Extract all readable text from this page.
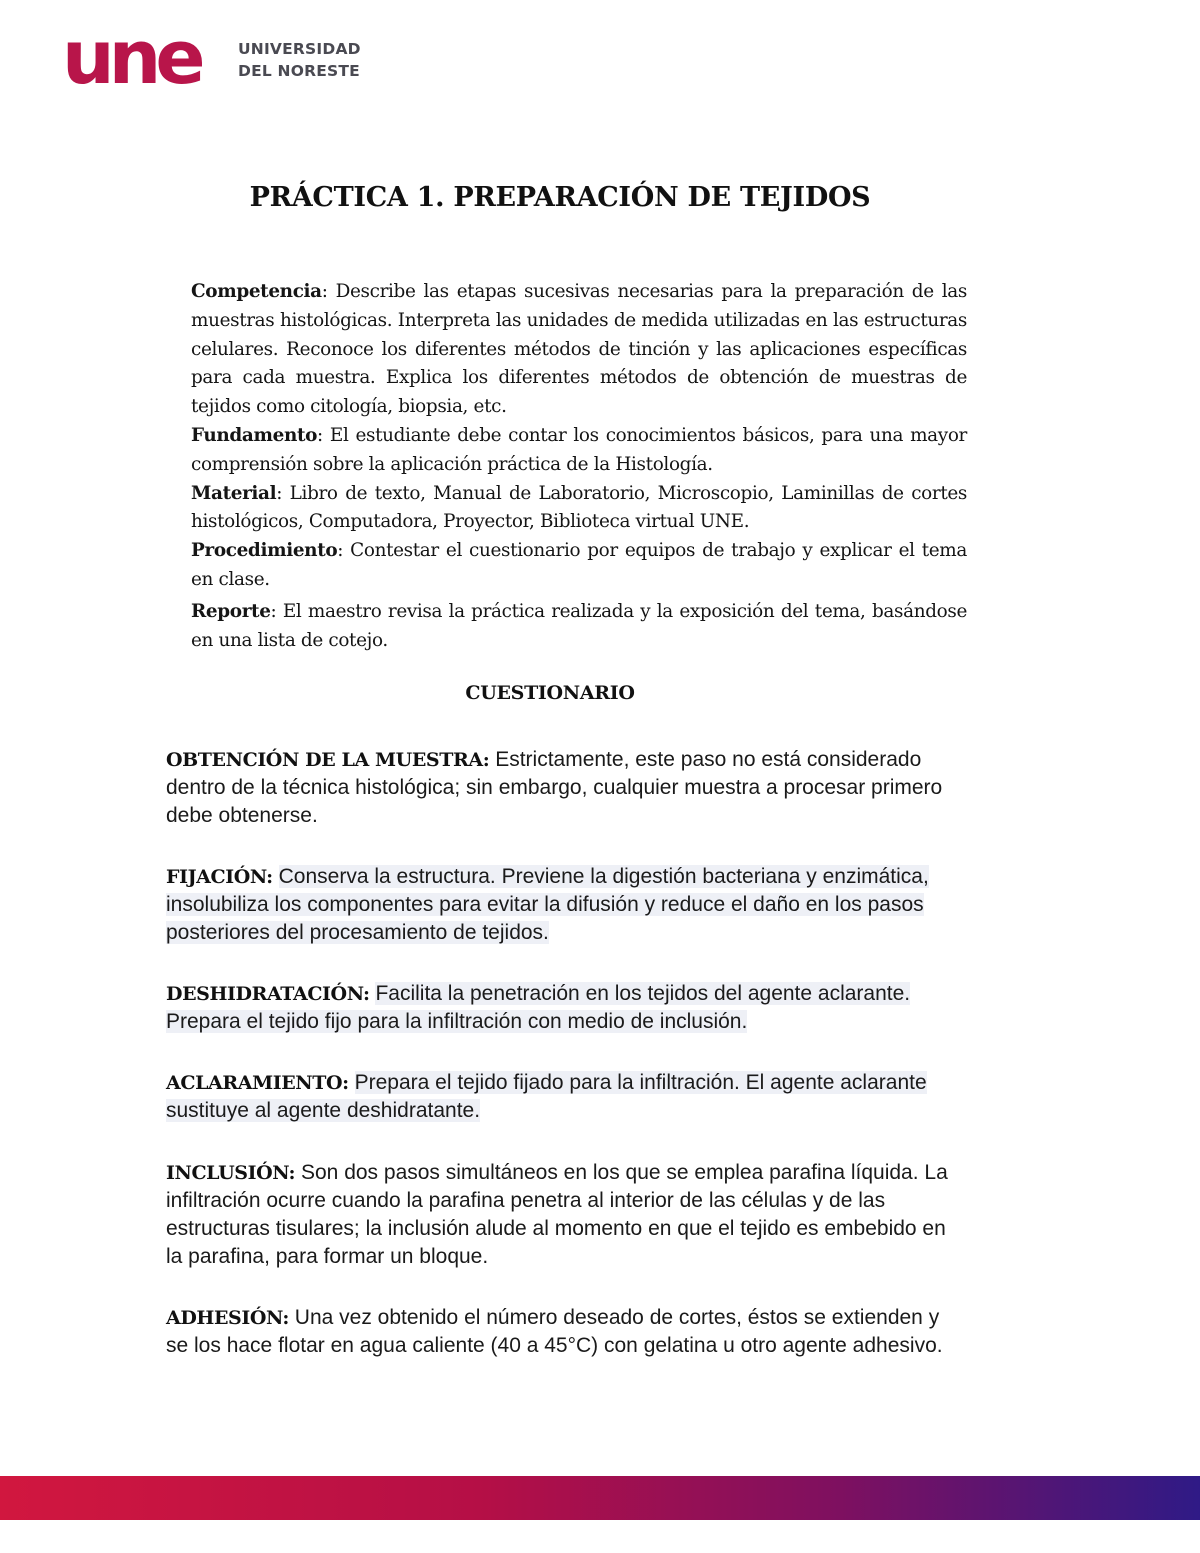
une UNIVERSIDAD
DEL NORESTE
PRÁCTICA 1. PREPARACIÓN DE TEJIDOS

Competencia: Describe las etapas sucesivas necesarias para la preparación de las muestras histológicas. Interpreta las unidades de medida utilizadas en las estructuras celulares. Reconoce los diferentes métodos de tinción y las aplicaciones específicas para cada muestra. Explica los diferentes métodos de obtención de muestras de tejidos como citología, biopsia, etc.

Fundamento: El estudiante debe contar los conocimientos básicos, para una mayor comprensión sobre la aplicación práctica de la Histología.

Material: Libro de texto, Manual de Laboratorio, Microscopio, Laminillas de cortes histológicos, Computadora, Proyector, Biblioteca virtual UNE.

Procedimiento: Contestar el cuestionario por equipos de trabajo y explicar el tema en clase.

Reporte: El maestro revisa la práctica realizada y la exposición del tema, basándose en una lista de cotejo.

CUESTIONARIO

OBTENCIÓN DE LA MUESTRA: Estrictamente, este paso no está considerado dentro de la técnica histológica; sin embargo, cualquier muestra a procesar primero debe obtenerse.

FIJACIÓN: Conserva la estructura. Previene la digestión bacteriana y enzimática, insolubiliza los componentes para evitar la difusión y reduce el daño en los pasos posteriores del procesamiento de tejidos.

DESHIDRATACIÓN: Facilita la penetración en los tejidos del agente aclarante. Prepara el tejido fijo para la infiltración con medio de inclusión.

ACLARAMIENTO: Prepara el tejido fijado para la infiltración. El agente aclarante sustituye al agente deshidratante.

INCLUSIÓN: Son dos pasos simultáneos en los que se emplea parafina líquida. La infiltración ocurre cuando la parafina penetra al interior de las células y de las estructuras tisulares; la inclusión alude al momento en que el tejido es embebido en la parafina, para formar un bloque.

ADHESIÓN: Una vez obtenido el número deseado de cortes, éstos se extienden y se los hace flotar en agua caliente (40 a 45°C) con gelatina u otro agente adhesivo.
